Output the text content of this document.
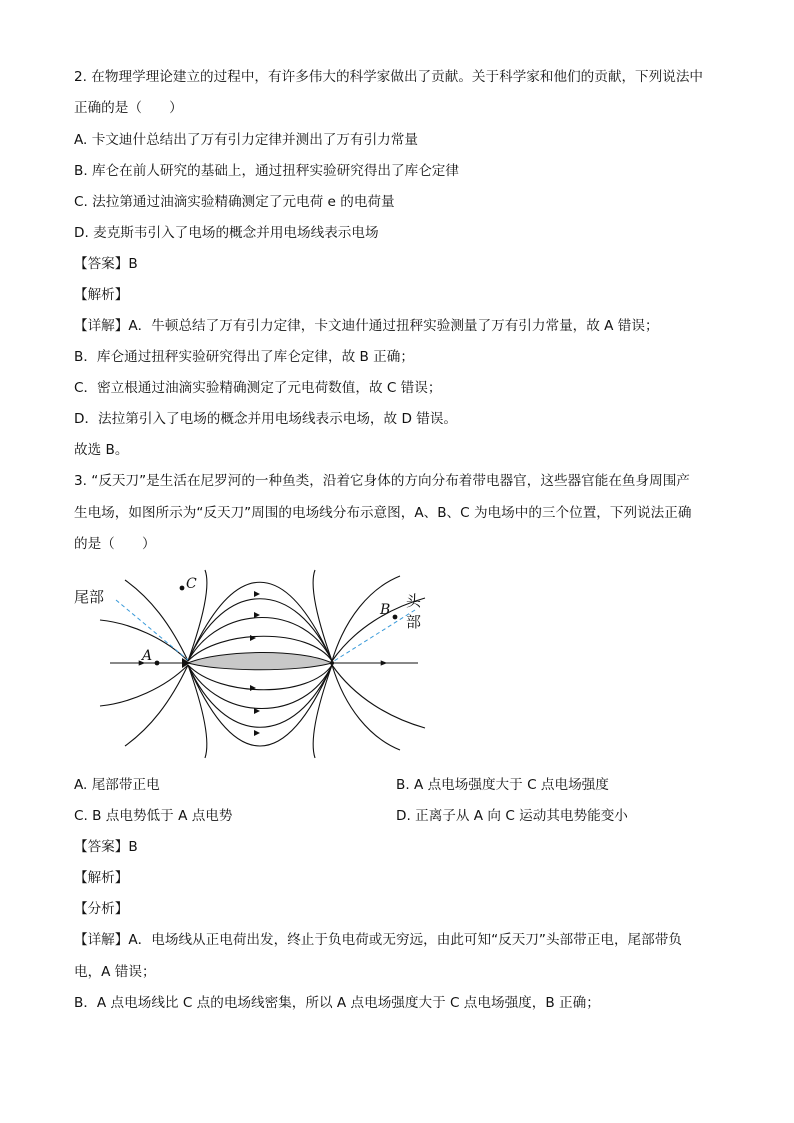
2. 在物理学理论建立的过程中，有许多伟大的科学家做出了贡献。关于科学家和他们的贡献，下列说法中
正确的是（　　）
A. 卡文迪什总结出了万有引力定律并测出了万有引力常量
B. 库仑在前人研究的基础上，通过扭秤实验研究得出了库仑定律
C. 法拉第通过油滴实验精确测定了元电荷 e 的电荷量
D. 麦克斯韦引入了电场的概念并用电场线表示电场
【答案】B
【解析】
【详解】A．牛顿总结了万有引力定律，卡文迪什通过扭秤实验测量了万有引力常量，故 A 错误；
B．库仑通过扭秤实验研究得出了库仑定律，故 B 正确；
C．密立根通过油滴实验精确测定了元电荷数值，故 C 错误；
D．法拉第引入了电场的概念并用电场线表示电场，故 D 错误。
故选 B。
3. “反天刀”是生活在尼罗河的一种鱼类，沿着它身体的方向分布着带电器官，这些器官能在鱼身周围产
生电场，如图所示为“反天刀”周围的电场线分布示意图，A、B、C 为电场中的三个位置，下列说法正确
的是（　　）
尾部	头部
A
C
B
A. 尾部带正电	B. A 点电场强度大于 C 点电场强度
C. B 点电势低于 A 点电势	D. 正离子从 A 向 C 运动其电势能变小
【答案】B
【解析】
【分析】
【详解】A．电场线从正电荷出发，终止于负电荷或无穷远，由此可知“反天刀”头部带正电，尾部带负
电，A 错误；
B．A 点电场线比 C 点的电场线密集，所以 A 点电场强度大于 C 点电场强度，B 正确；
